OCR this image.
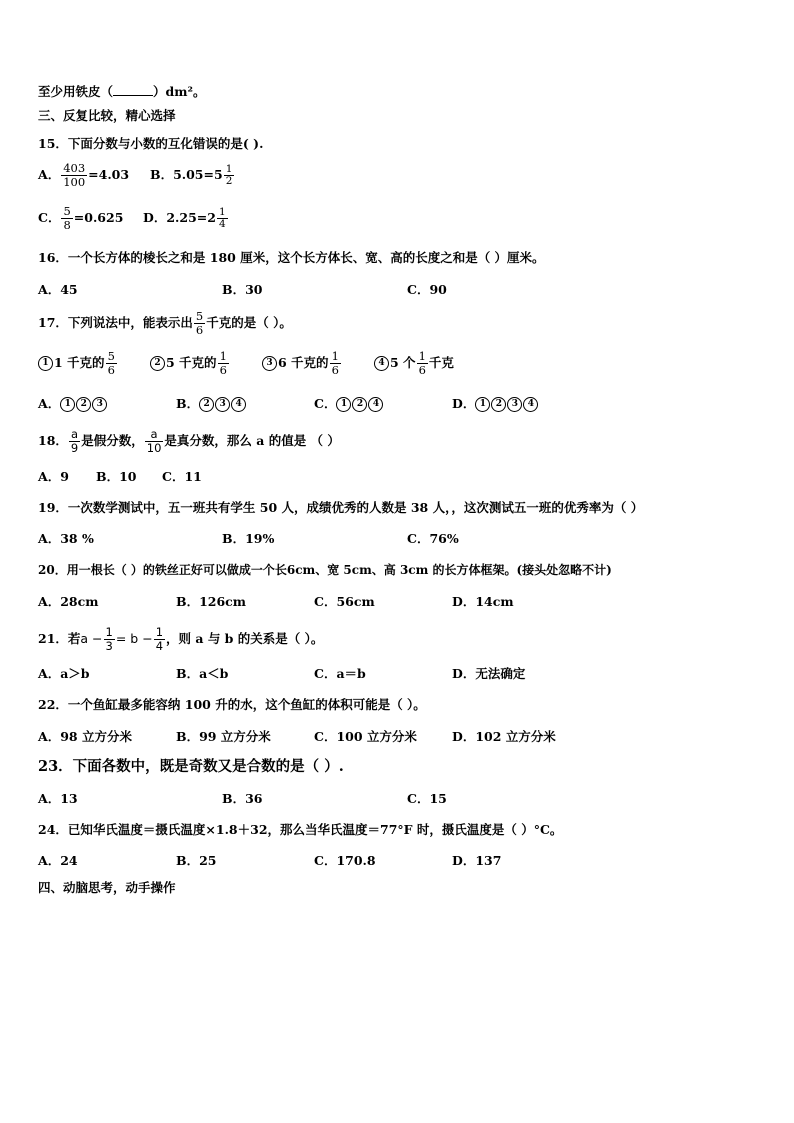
至少用铁皮（	）dm²。
三、反复比较，精心选择
15．下面分数与小数的互化错误的是( ).
A． $\frac{403}{100} =4.03$ B．$5.05=5 \frac{1}{2}$
C． $\frac{5}{8} =0.625$ D．$2.25=2 \frac{1}{4}$
16．一个长方体的棱长之和是 180 厘米，这个长方体长、宽、高的长度之和是（ ）厘米。
A．45	B．30	C．90
17．下列说法中，能表示出 $\frac{5}{6}$ 千克的是（ ）。
1 1 千克的 $\frac{5}{6}$	2 5 千克的 $\frac{1}{6}$	3 6 千克的 $\frac{1}{6}$	4 5 个 $\frac{1}{6}$ 千克
A． 1 2 3	B． 2 3 4	C． 1 2 4	D． 1 2 3 4
18． $\frac{a}{9}$ 是假分数， $\frac{a}{10}$ 是真分数，那么 a 的值是 （ ）
A．9 B．10 C．11
19．一次数学测试中，五一班共有学生 50 人，成绩优秀的人数是 38 人，，这次测试五一班的优秀率为（ ）
A．38 %	B．19%	C．76%
20．用一根长（ ）的铁丝正好可以做成一个长6cm、宽 5cm、高 3cm 的长方体框架。(接头处忽略不计)
A．28cm	B．126cm	C．56cm	D．14cm
21．若$a - \frac{1}{3} = b - \frac{1}{4}$ ，则 a 与 b 的关系是（ ）。
A．a＞b	B．a＜b	C．a＝b	D．无法确定
22．一个鱼缸最多能容纳 100 升的水，这个鱼缸的体积可能是（ ）。
A．98 立方分米	B．99 立方分米	C．100 立方分米	D．102 立方分米
23．下面各数中，既是奇数又是合数的是（ ）.
A．13	B．36	C．15
24．已知华氏温度＝摄氏温度×1.8＋32，那么当华氏温度＝77°F 时，摄氏温度是（ ）°C。
A．24	B．25	C．170.8	D．137
四、动脑思考，动手操作
